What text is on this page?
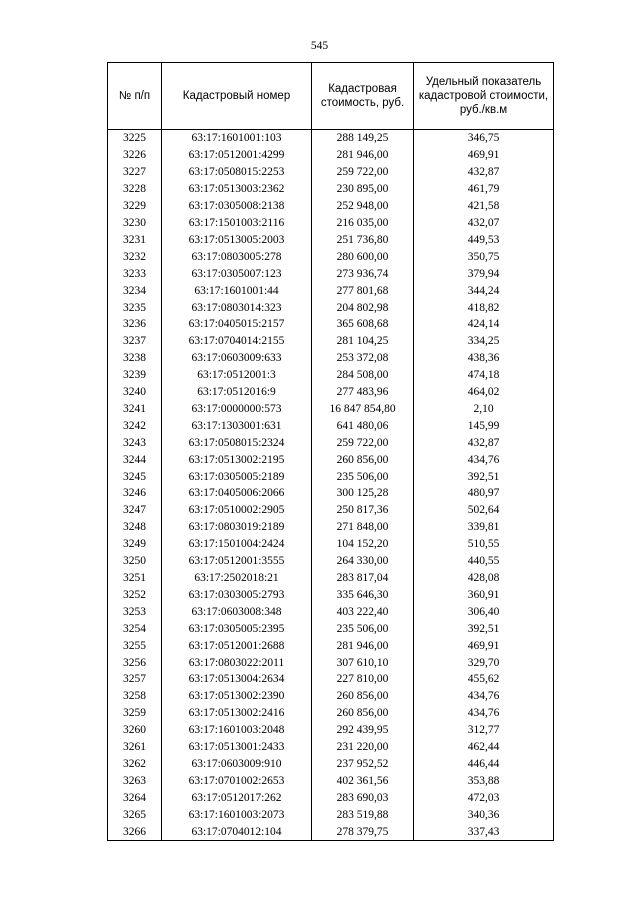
545
№ п/п	Кадастровый номер	Кадастровая стоимость, руб.	Удельный показатель кадастровой стоимости, руб./кв.м
3225	63:17:1601001:103	288 149,25	346,75
3226	63:17:0512001:4299	281 946,00	469,91
3227	63:17:0508015:2253	259 722,00	432,87
3228	63:17:0513003:2362	230 895,00	461,79
3229	63:17:0305008:2138	252 948,00	421,58
3230	63:17:1501003:2116	216 035,00	432,07
3231	63:17:0513005:2003	251 736,80	449,53
3232	63:17:0803005:278	280 600,00	350,75
3233	63:17:0305007:123	273 936,74	379,94
3234	63:17:1601001:44	277 801,68	344,24
3235	63:17:0803014:323	204 802,98	418,82
3236	63:17:0405015:2157	365 608,68	424,14
3237	63:17:0704014:2155	281 104,25	334,25
3238	63:17:0603009:633	253 372,08	438,36
3239	63:17:0512001:3	284 508,00	474,18
3240	63:17:0512016:9	277 483,96	464,02
3241	63:17:0000000:573	16 847 854,80	2,10
3242	63:17:1303001:631	641 480,06	145,99
3243	63:17:0508015:2324	259 722,00	432,87
3244	63:17:0513002:2195	260 856,00	434,76
3245	63:17:0305005:2189	235 506,00	392,51
3246	63:17:0405006:2066	300 125,28	480,97
3247	63:17:0510002:2905	250 817,36	502,64
3248	63:17:0803019:2189	271 848,00	339,81
3249	63:17:1501004:2424	104 152,20	510,55
3250	63:17:0512001:3555	264 330,00	440,55
3251	63:17:2502018:21	283 817,04	428,08
3252	63:17:0303005:2793	335 646,30	360,91
3253	63:17:0603008:348	403 222,40	306,40
3254	63:17:0305005:2395	235 506,00	392,51
3255	63:17:0512001:2688	281 946,00	469,91
3256	63:17:0803022:2011	307 610,10	329,70
3257	63:17:0513004:2634	227 810,00	455,62
3258	63:17:0513002:2390	260 856,00	434,76
3259	63:17:0513002:2416	260 856,00	434,76
3260	63:17:1601003:2048	292 439,95	312,77
3261	63:17:0513001:2433	231 220,00	462,44
3262	63:17:0603009:910	237 952,52	446,44
3263	63:17:0701002:2653	402 361,56	353,88
3264	63:17:0512017:262	283 690,03	472,03
3265	63:17:1601003:2073	283 519,88	340,36
3266	63:17:0704012:104	278 379,75	337,43
